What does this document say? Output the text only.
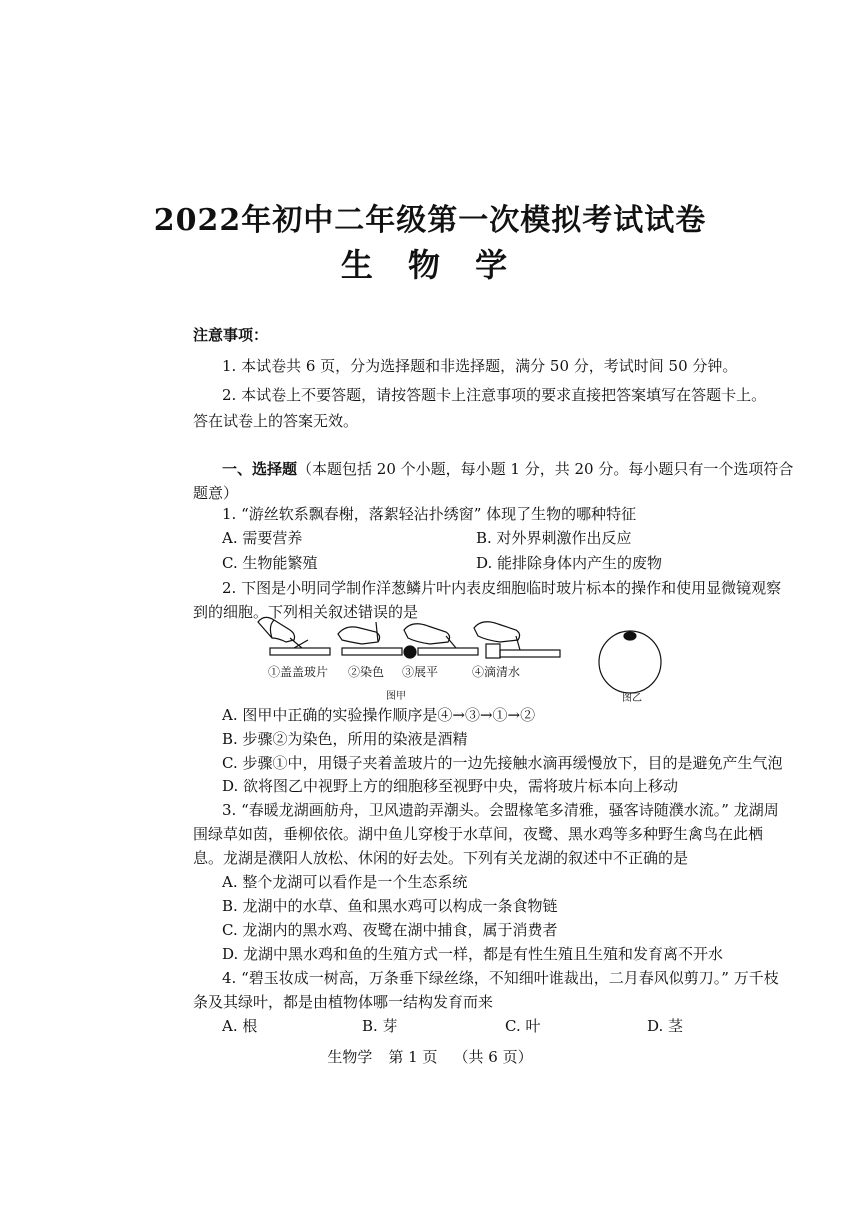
2022年初中二年级第一次模拟考试试卷
生 物 学
注意事项：
1. 本试卷共 6 页，分为选择题和非选择题，满分 50 分，考试时间 50 分钟。
2. 本试卷上不要答题，请按答题卡上注意事项的要求直接把答案填写在答题卡上。
答在试卷上的答案无效。
一、选择题（本题包括 20 个小题，每小题 1 分，共 20 分。每小题只有一个选项符合
题意）
1. “游丝软系飘春榭，落絮轻沾扑绣窗” 体现了生物的哪种特征
A. 需要营养	B. 对外界刺激作出反应
C. 生物能繁殖	D. 能排除身体内产生的废物
2. 下图是小明同学制作洋葱鳞片叶内表皮细胞临时玻片标本的操作和使用显微镜观察
到的细胞。下列相关叙述错误的是
①盖盖玻片 ②染色 ③展平	④滴清水
图甲	图乙
A. 图甲中正确的实验操作顺序是④→③→①→②
B. 步骤②为染色，所用的染液是酒精
C. 步骤①中，用镊子夹着盖玻片的一边先接触水滴再缓慢放下，目的是避免产生气泡
D. 欲将图乙中视野上方的细胞移至视野中央，需将玻片标本向上移动
3. “春暖龙湖画舫舟，卫风遗韵弄潮头。会盟椽笔多清雅，骚客诗随濮水流。” 龙湖周
围绿草如茵，垂柳依依。湖中鱼儿穿梭于水草间，夜鹭、黑水鸡等多种野生禽鸟在此栖
息。龙湖是濮阳人放松、休闲的好去处。下列有关龙湖的叙述中不正确的是
A. 整个龙湖可以看作是一个生态系统
B. 龙湖中的水草、鱼和黑水鸡可以构成一条食物链
C. 龙湖内的黑水鸡、夜鹭在湖中捕食，属于消费者
D. 龙湖中黑水鸡和鱼的生殖方式一样，都是有性生殖且生殖和发育离不开水
4. “碧玉妆成一树高，万条垂下绿丝绦，不知细叶谁裁出，二月春风似剪刀。” 万千枝
条及其绿叶，都是由植物体哪一结构发育而来
A. 根	B. 芽	C. 叶	D. 茎
生物学 第 1 页 （共 6 页）
